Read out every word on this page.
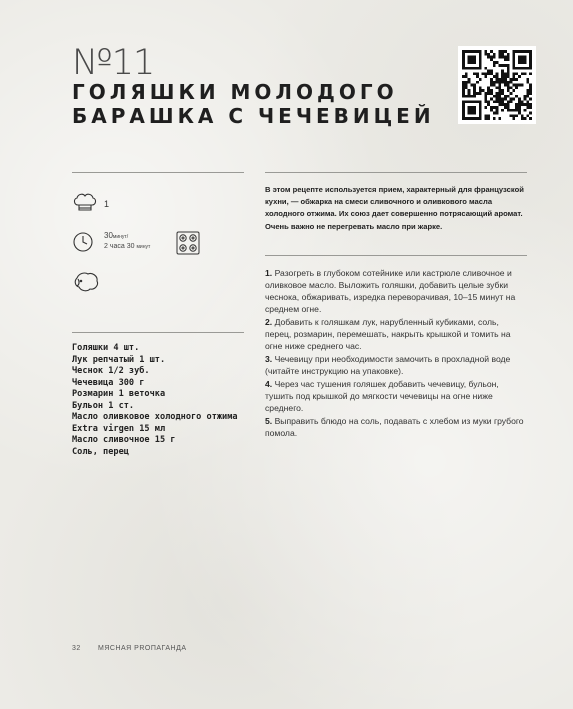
№11
ГОЛЯШКИ МОЛОДОГО
БАРАШКА С ЧЕЧЕВИЦЕЙ
1
30минут/
2 часа 30 минут
В этом рецепте используется прием, характерный для французской кухни, — обжарка на смеси сливочного и оливкового масла холодного отжима. Их союз дает совершенно потрясающий аромат. Очень важно не перегревать масло при жарке.
Голяшки 4 шт.
Лук репчатый 1 шт.
Чеснок 1/2 зуб.
Чечевица 300 г
Розмарин 1 веточка
Бульон 1 ст.
Масло оливковое холодного отжима Extra virgen 15 мл
Масло сливочное 15 г
Соль, перец
1. Разогреть в глубоком сотейнике или кастрюле сливочное и оливковое масло. Выложить голяшки, добавить целые зубки чеснока, обжаривать, изредка переворачивая, 10–15 минут на среднем огне.
2. Добавить к голяшкам лук, нарубленный кубиками, соль, перец, розмарин, перемешать, накрыть крышкой и томить на огне ниже среднего час.
3. Чечевицу при необходимости замочить в прохладной воде (читайте инструкцию на упаковке).
4. Через час тушения голяшек добавить чечевицу, бульон, тушить под крышкой до мягкости чечевицы на огне ниже среднего.
5. Выправить блюдо на соль, подавать с хлебом из муки грубого помола.
32 МЯСНАЯ PROПАГАНДА
